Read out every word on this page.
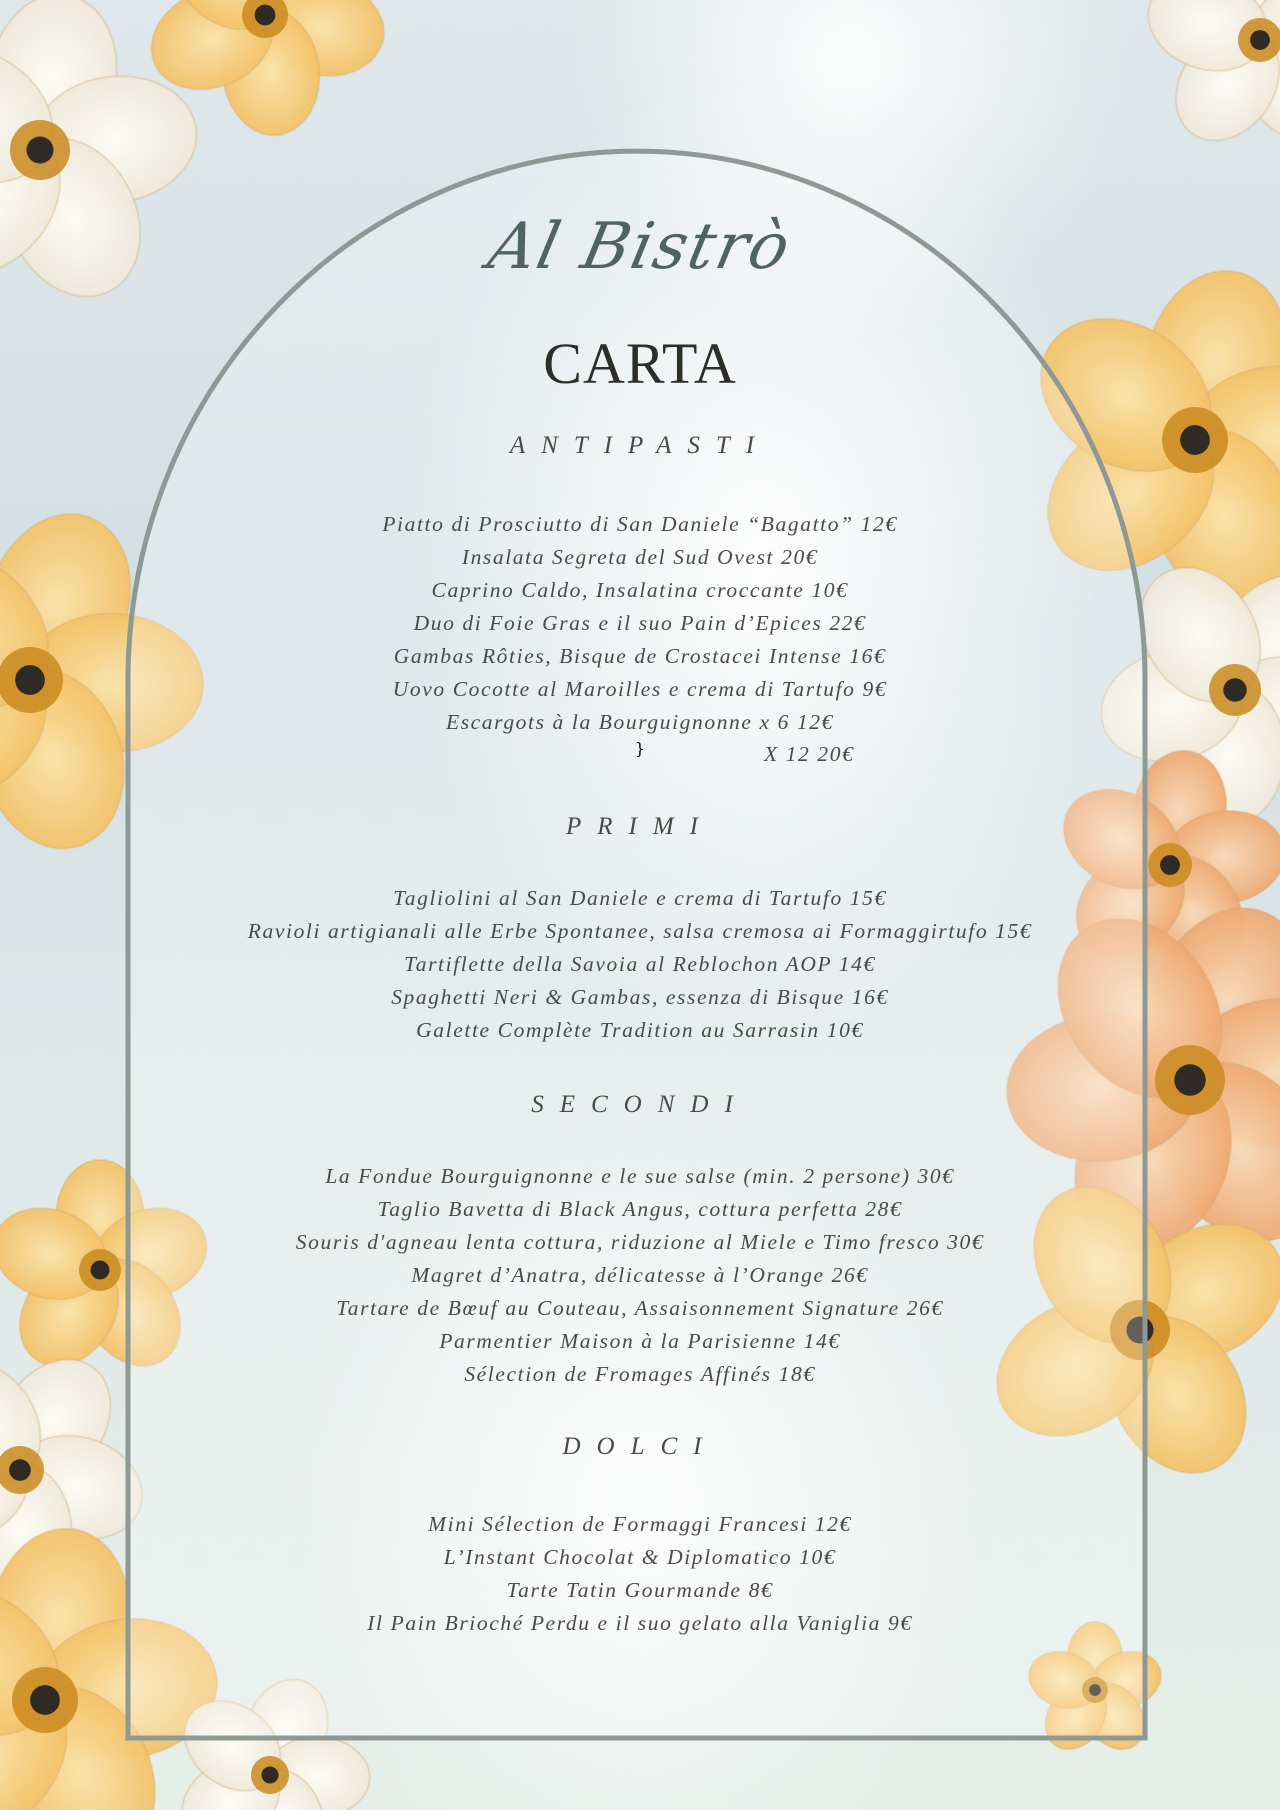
Al Bistrò
CARTA
ANTIPASTI
Piatto di Prosciutto di San Daniele “Bagatto” 12€
Insalata Segreta del Sud Ovest 20€
Caprino Caldo, Insalatina croccante 10€
Duo di Foie Gras e il suo Pain d’Epices 22€
Gambas Rôties, Bisque de Crostacei Intense 16€
Uovo Cocotte al Maroilles e crema di Tartufo 9€
Escargots à la Bourguignonne x 6 12€
}	X 12 20€
PRIMI
Tagliolini al San Daniele e crema di Tartufo 15€
Ravioli artigianali alle Erbe Spontanee, salsa cremosa ai Formaggirtufo 15€
Tartiflette della Savoia al Reblochon AOP 14€
Spaghetti Neri & Gambas, essenza di Bisque 16€
Galette Complète Tradition au Sarrasin 10€
SECONDI
La Fondue Bourguignonne e le sue salse (min. 2 persone) 30€
Taglio Bavetta di Black Angus, cottura perfetta 28€
Souris d'agneau lenta cottura, riduzione al Miele e Timo fresco 30€
Magret d’Anatra, délicatesse à l’Orange 26€
Tartare de Bœuf au Couteau, Assaisonnement Signature 26€
Parmentier Maison à la Parisienne 14€
Sélection de Fromages Affinés 18€
DOLCI
Mini Sélection de Formaggi Francesi 12€
L’Instant Chocolat & Diplomatico 10€
Tarte Tatin Gourmande 8€
Il Pain Brioché Perdu e il suo gelato alla Vaniglia 9€
